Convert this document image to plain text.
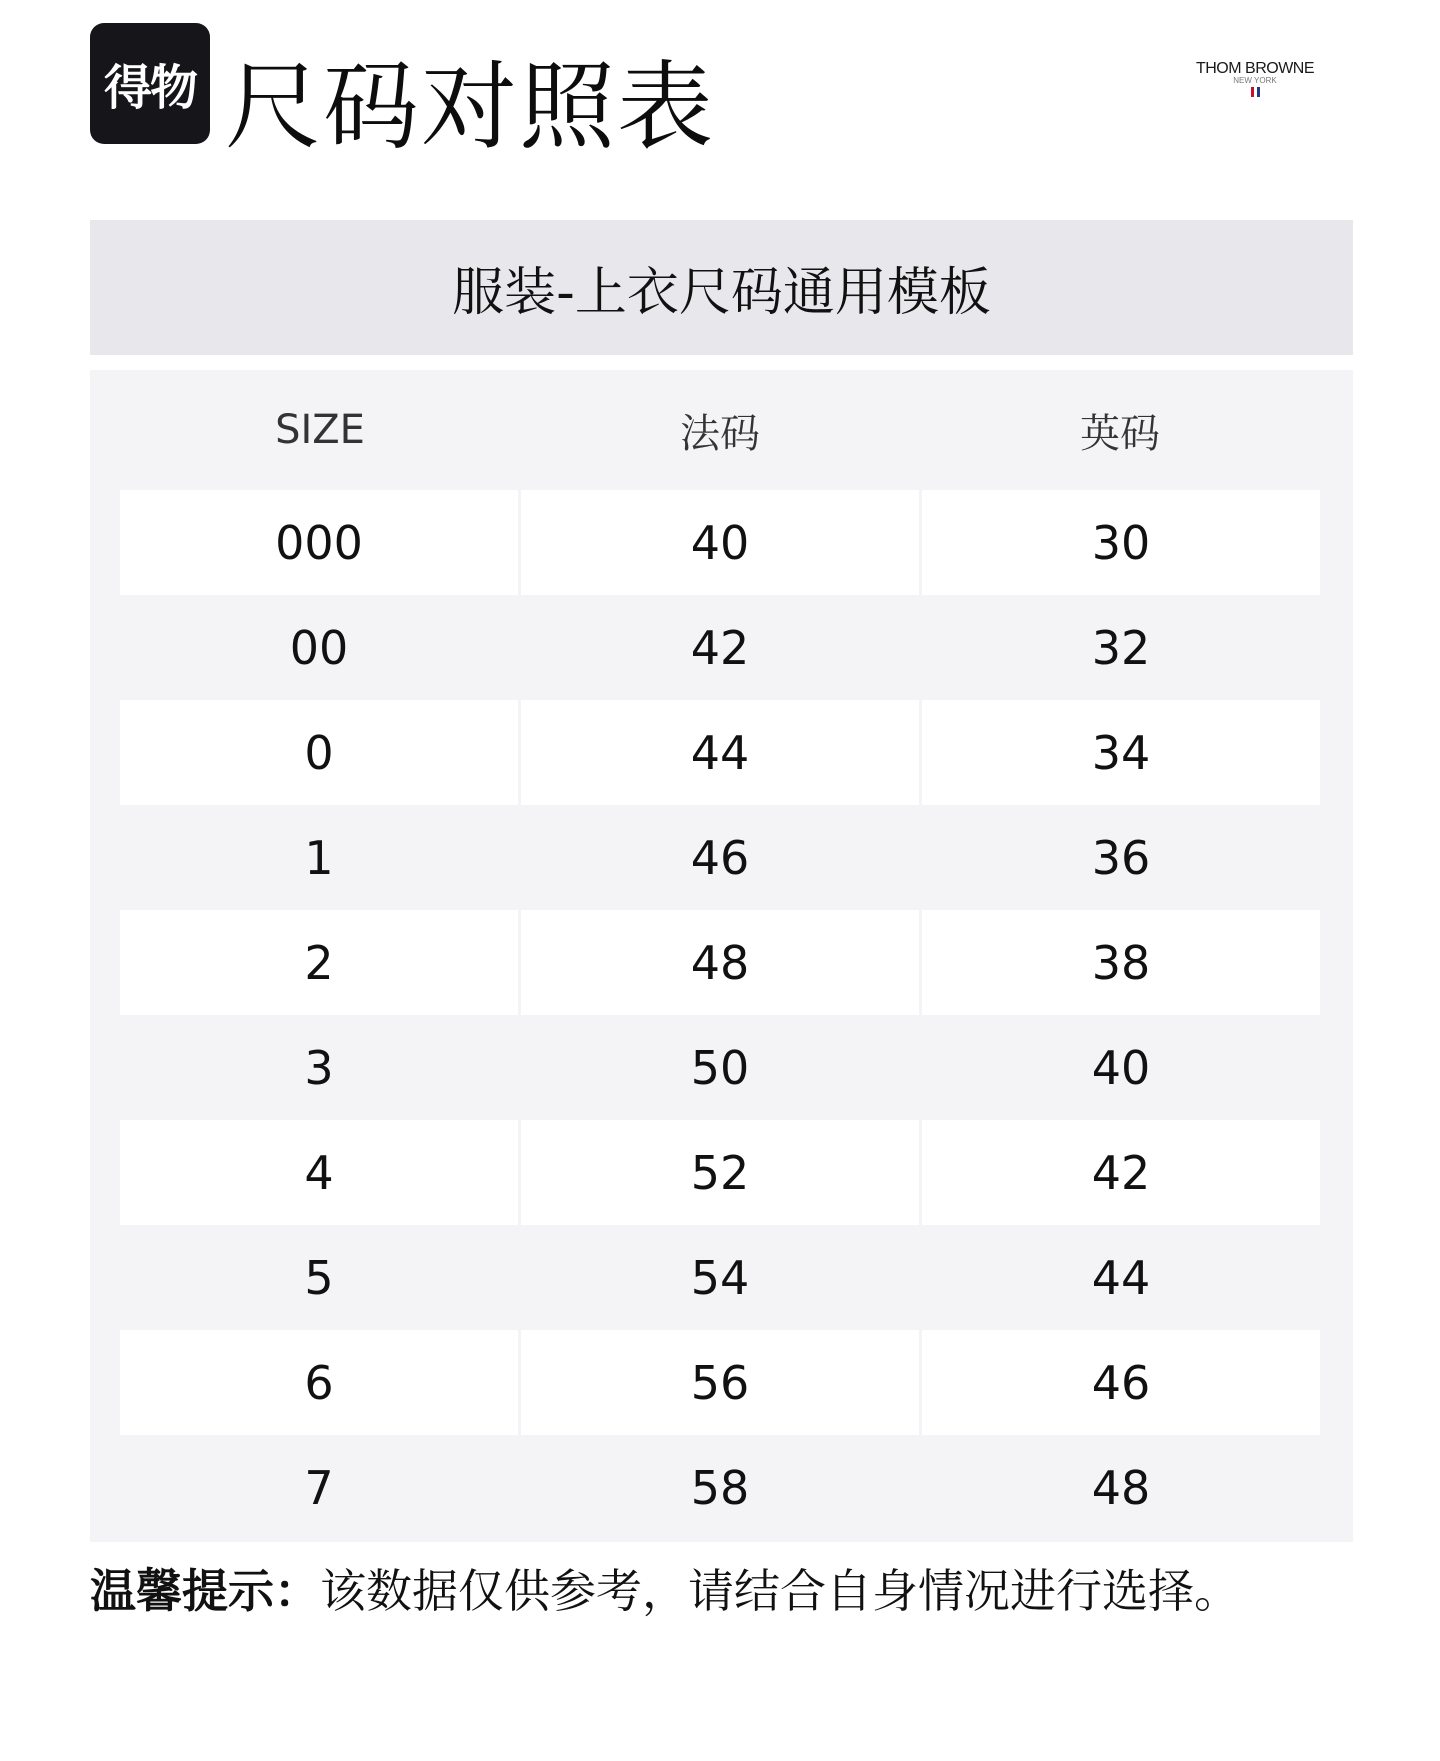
得物 尺码对照表	THOM BROWNE
NEW YORK
服装-上衣尺码通用模板
SIZE	法码	英码
000	40	30
00	42	32
0	44	34
1	46	36
2	48	38
3	50	40
4	52	42
5	54	44
6	56	46
7	58	48
温馨提示：该数据仅供参考，请结合自身情况进行选择。
